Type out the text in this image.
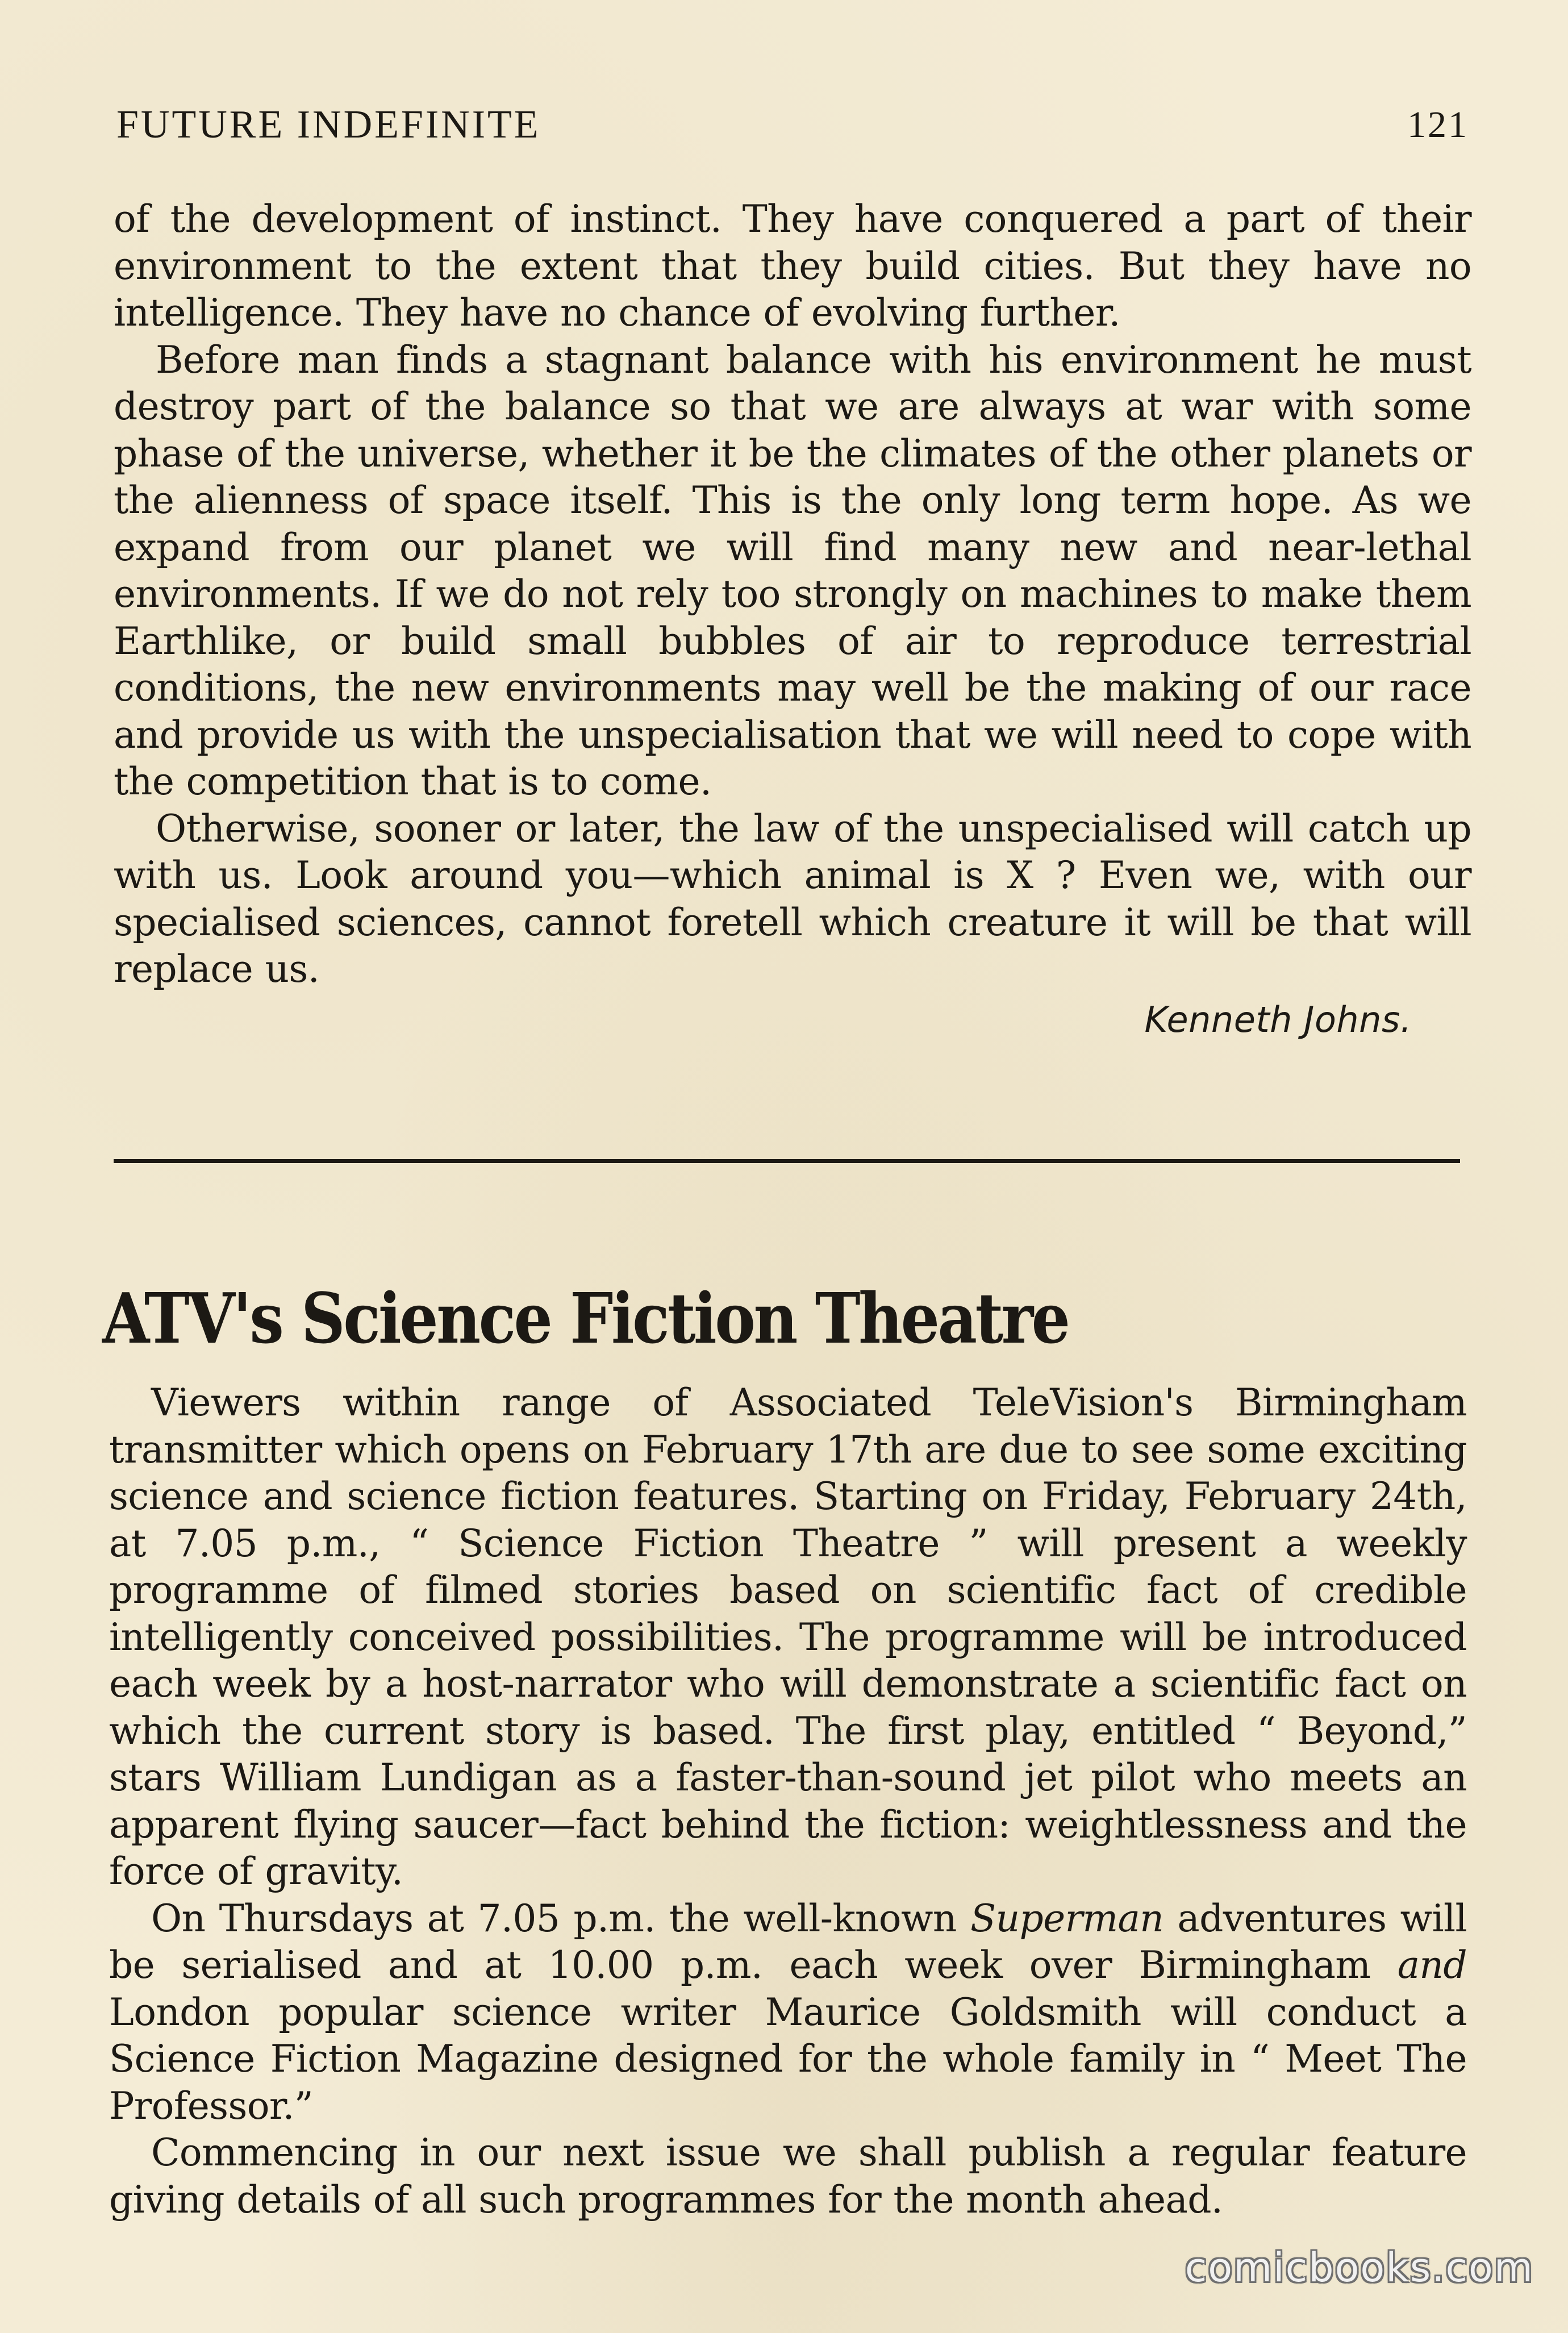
FUTURE INDEFINITE	121

of the development of instinct. They have conquered a part of their environment to the extent that they build cities. But they have no intelligence. They have no chance of evolving further.

Before man finds a stagnant balance with his environment he must destroy part of the balance so that we are always at war with some phase of the universe, whether it be the climates of the other planets or the alienness of space itself. This is the only long term hope. As we expand from our planet we will find many new and near-lethal environments. If we do not rely too strongly on machines to make them Earthlike, or build small bubbles of air to reproduce terrestrial conditions, the new environments may well be the making of our race and provide us with the unspecialisation that we will need to cope with the competition that is to come.

Otherwise, sooner or later, the law of the unspecialised will catch up with us. Look around you—which animal is X ? Even we, with our specialised sciences, cannot foretell which creature it will be that will replace us.

Kenneth Johns.
ATV's Science Fiction Theatre

Viewers within range of Associated TeleVision's Birmingham transmitter which opens on February 17th are due to see some exciting science and science fiction features. Starting on Friday, February 24th, at 7.05 p.m., “ Science Fiction Theatre ” will present a weekly programme of filmed stories based on scientific fact of credible intelligently conceived possibilities. The programme will be introduced each week by a host-narrator who will demonstrate a scientific fact on which the current story is based. The first play, entitled “ Beyond,” stars William Lundigan as a faster-than-sound jet pilot who meets an apparent flying saucer—fact behind the fiction: weightlessness and the force of gravity.

On Thursdays at 7.05 p.m. the well-known Superman adventures will be serialised and at 10.00 p.m. each week over Birmingham and London popular science writer Maurice Goldsmith will conduct a Science Fiction Magazine designed for the whole family in “ Meet The Professor.”

Commencing in our next issue we shall publish a regular feature giving details of all such programmes for the month ahead.

comicbooks.com
